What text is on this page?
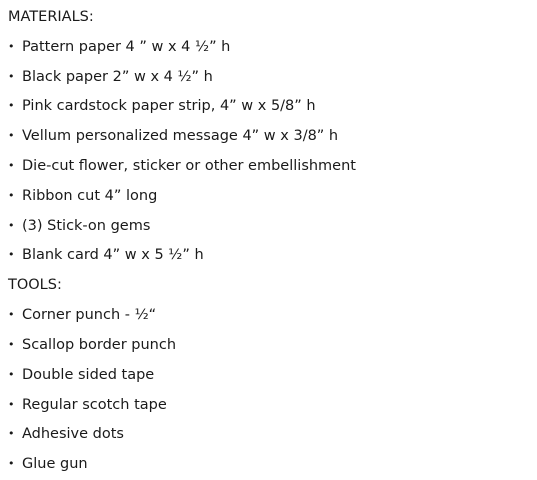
MATERIALS:
• Pattern paper 4 ” w x 4 ½” h
• Black paper 2” w x 4 ½” h
• Pink cardstock paper strip, 4” w x 5/8” h
• Vellum personalized message 4” w x 3/8” h
• Die-cut flower, sticker or other embellishment
• Ribbon cut 4” long
• (3) Stick-on gems
• Blank card 4” w x 5 ½” h
TOOLS:
• Corner punch - ½“
• Scallop border punch
• Double sided tape
• Regular scotch tape
• Adhesive dots
• Glue gun
